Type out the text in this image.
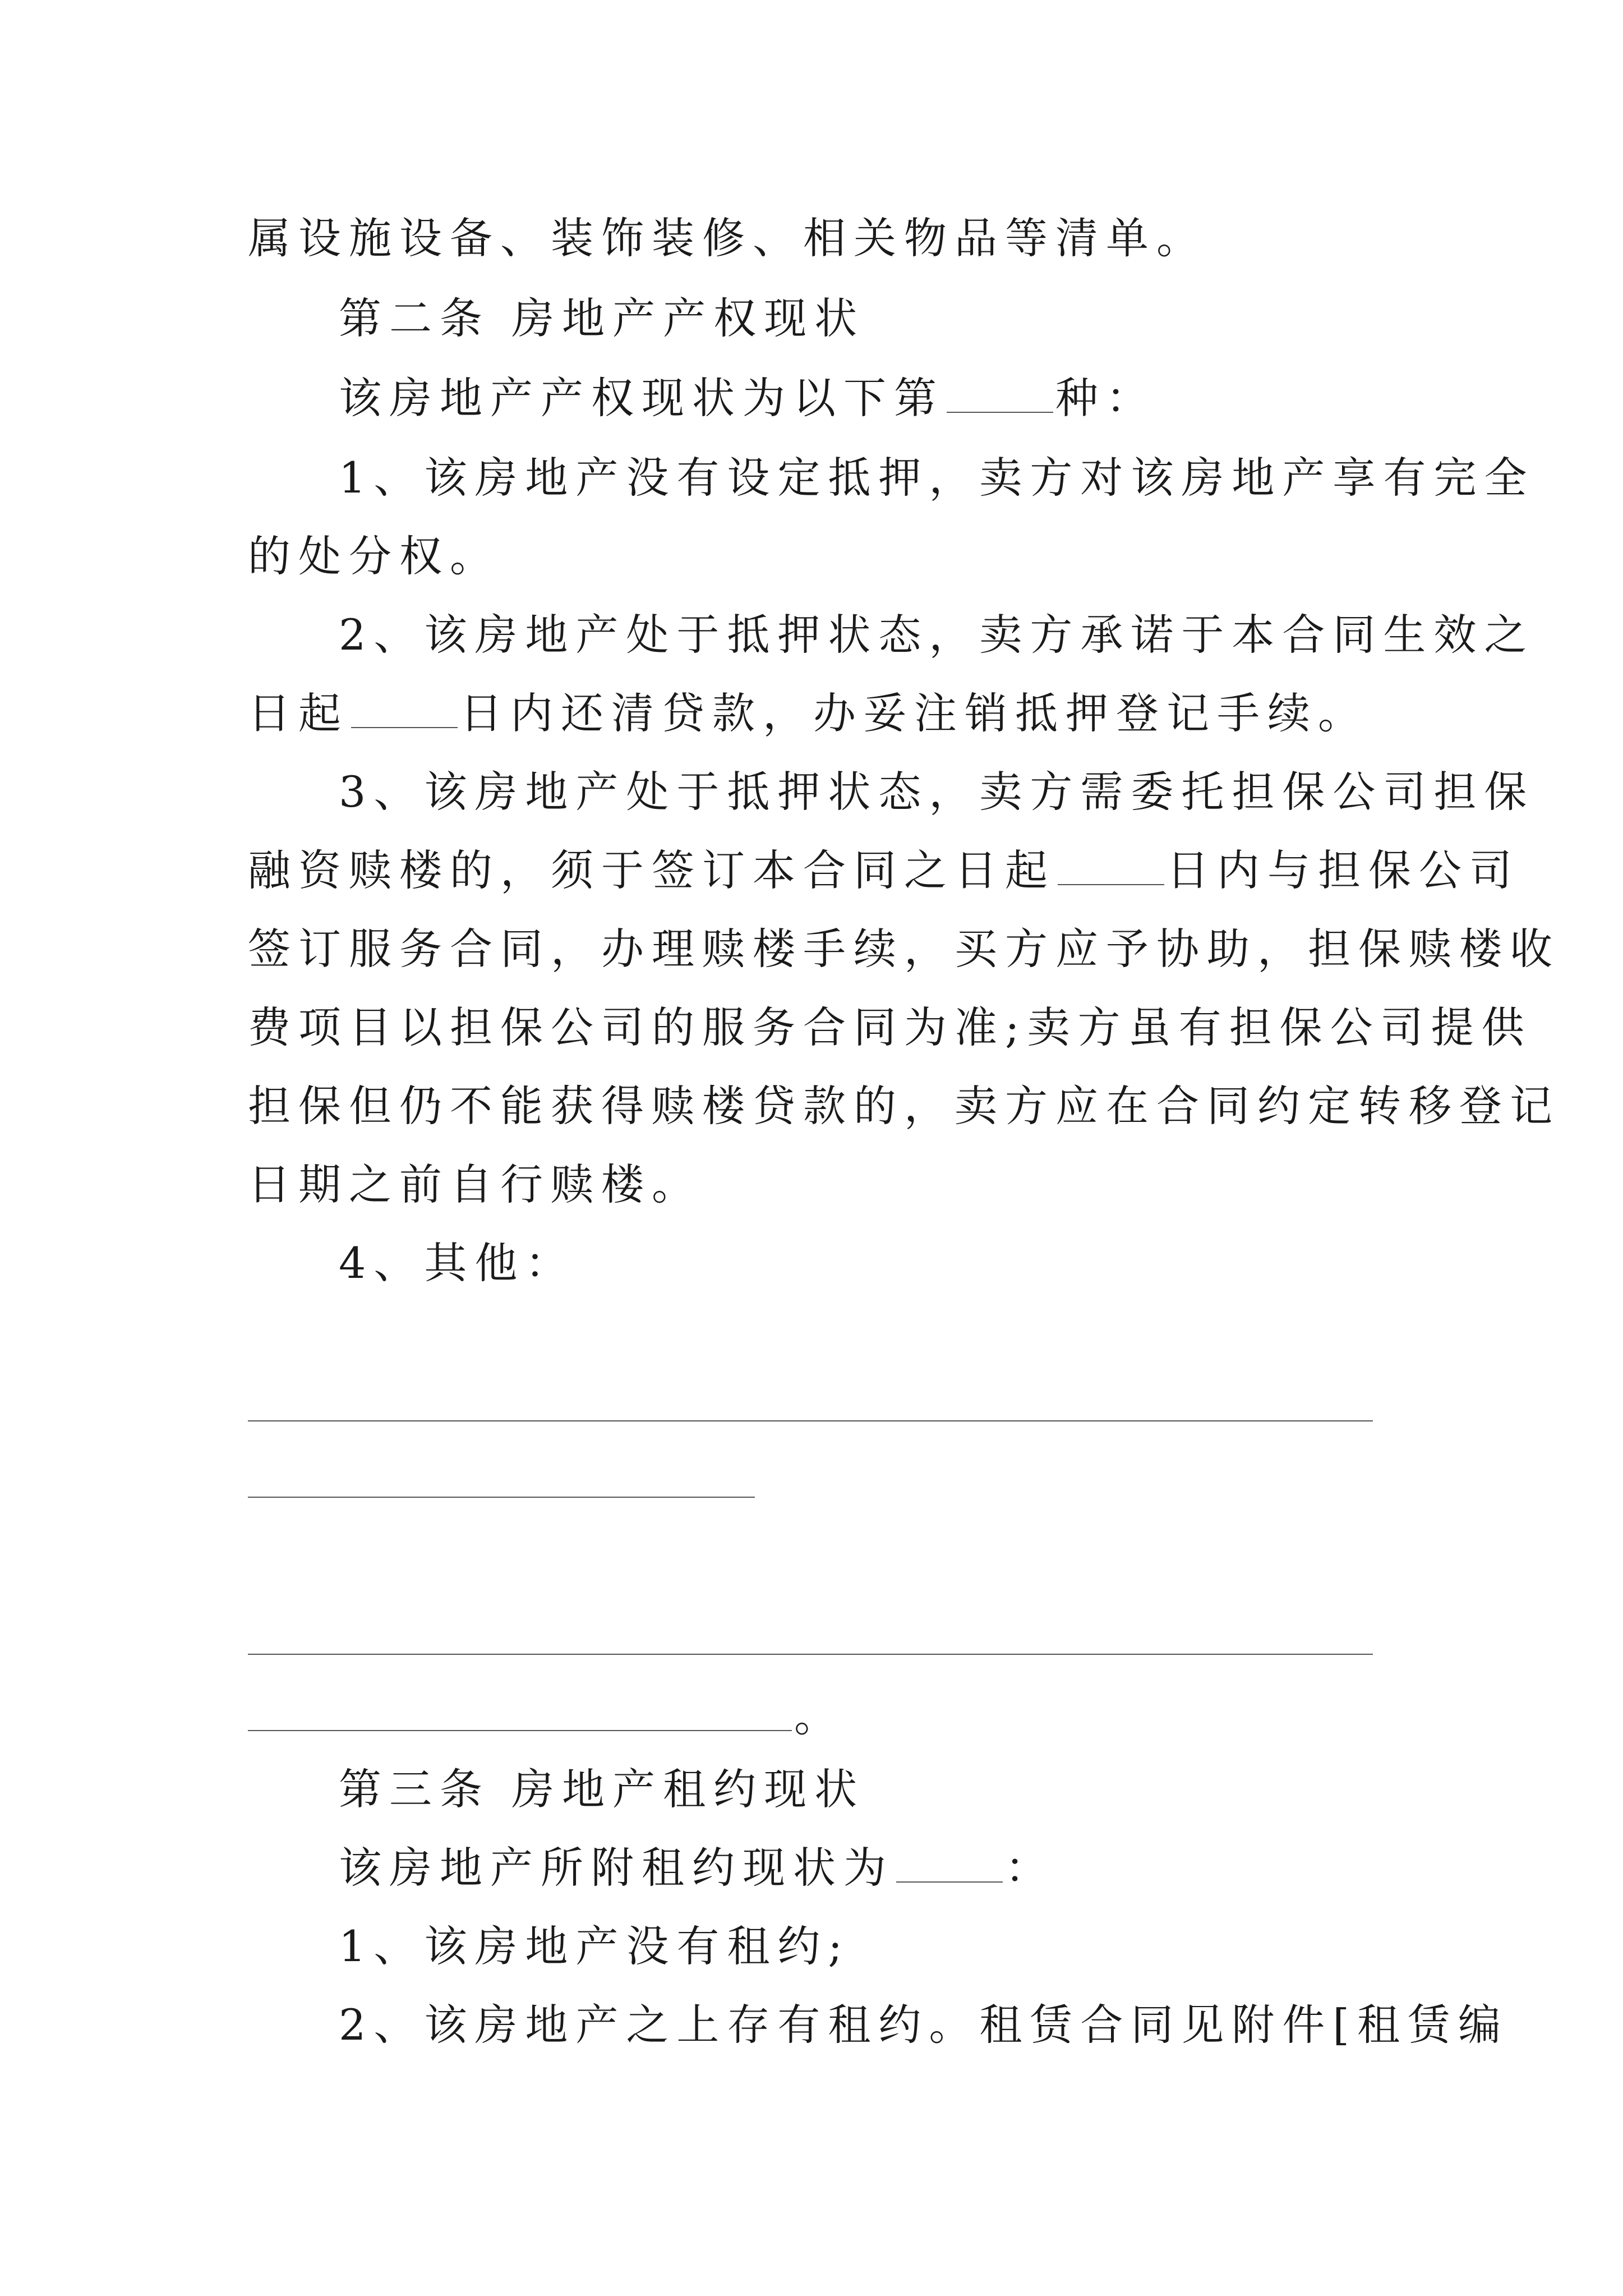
属设施设备、装饰装修、相关物品等清单。
第二条 房地产产权现状
该房地产产权现状为以下第	种：
1、该房地产没有设定抵押，卖方对该房地产享有完全
的处分权。
2、该房地产处于抵押状态，卖方承诺于本合同生效之
日起	日内还清贷款，办妥注销抵押登记手续。
3、该房地产处于抵押状态，卖方需委托担保公司担保
融资赎楼的，须于签订本合同之日起	日内与担保公司
签订服务合同，办理赎楼手续，买方应予协助，担保赎楼收
费项目以担保公司的服务合同为准;卖方虽有担保公司提供
担保但仍不能获得赎楼贷款的，卖方应在合同约定转移登记
日期之前自行赎楼。
4、其他：
。
第三条 房地产租约现状
该房地产所附租约现状为	：
1、该房地产没有租约;
2、该房地产之上存有租约。租赁合同见附件[租赁编
